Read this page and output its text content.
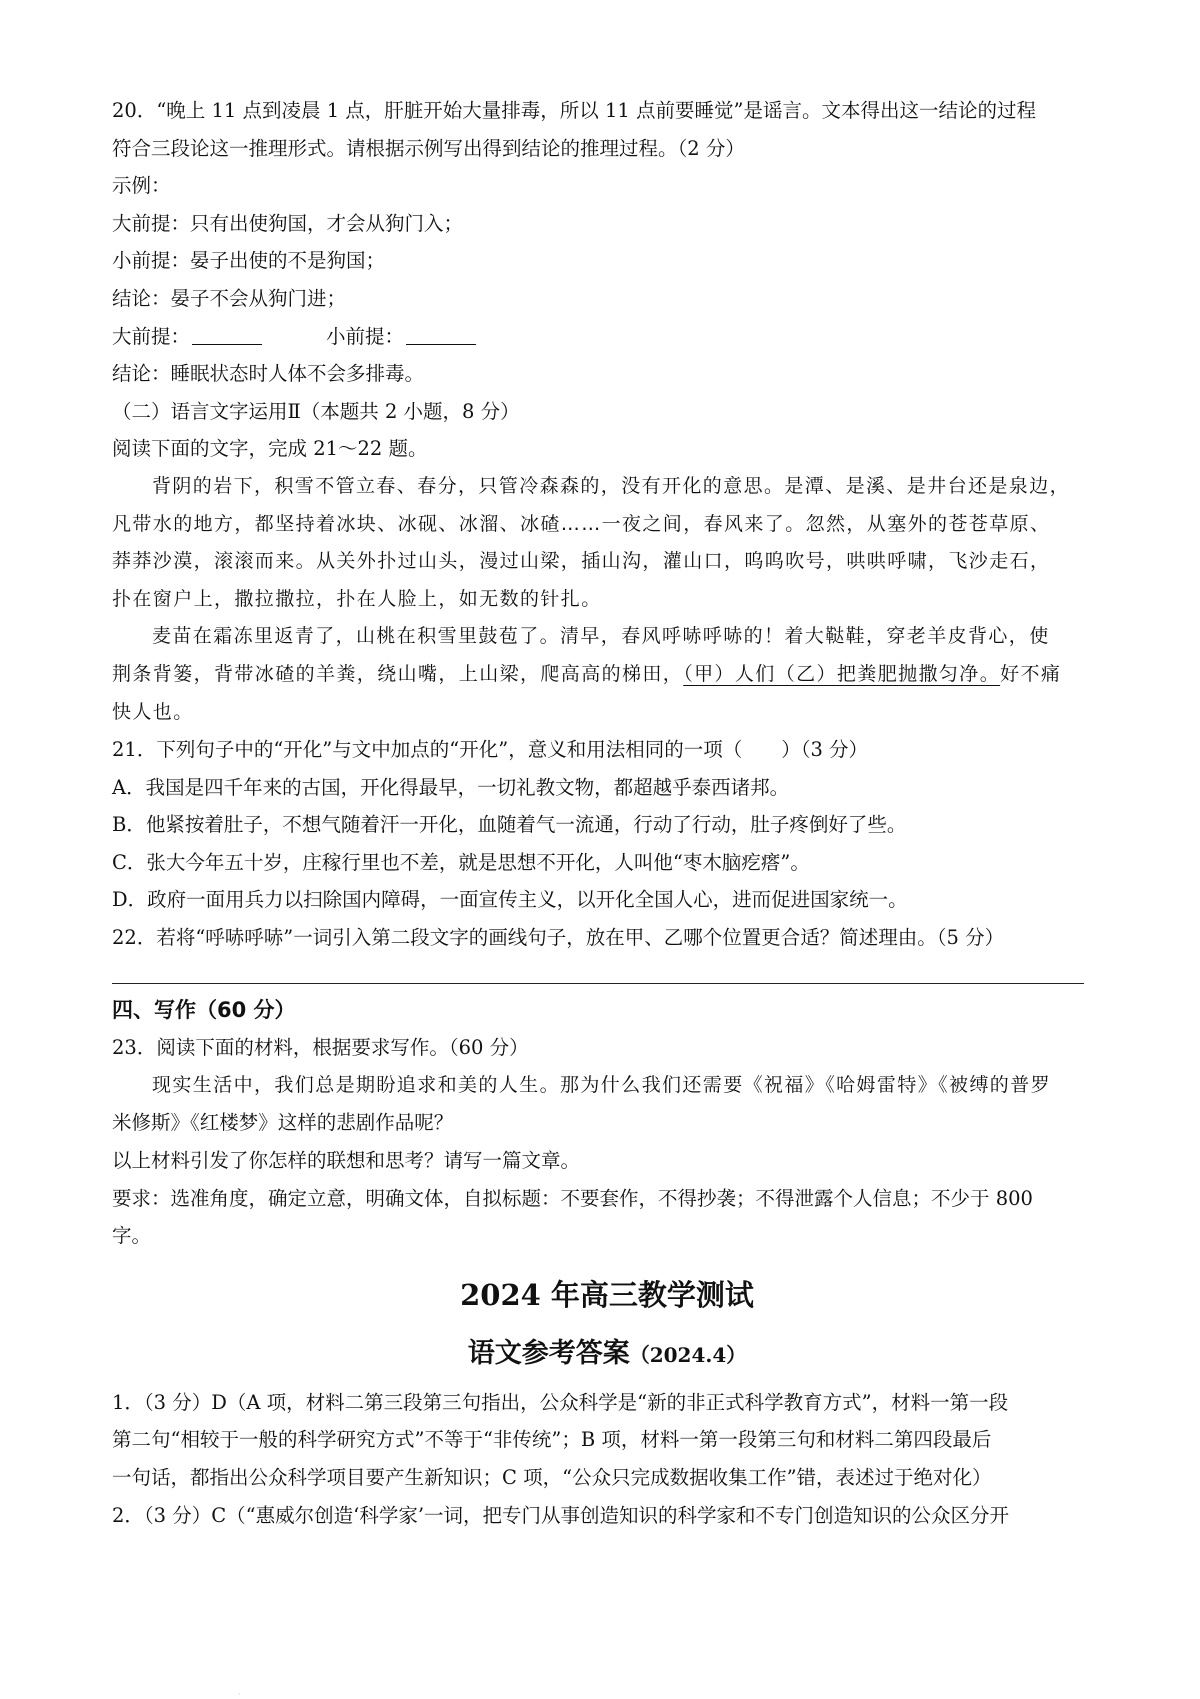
20．“晚上 11 点到凌晨 1 点，肝脏开始大量排毒，所以 11 点前要睡觉”是谣言。文本得出这一结论的过程
符合三段论这一推理形式。请根据示例写出得到结论的推理过程。（2 分）
示例：
大前提：只有出使狗国，才会从狗门入；
小前提：晏子出使的不是狗国；
结论：晏子不会从狗门进；
大前提：	小前提：
结论：睡眠状态时人体不会多排毒。
（二）语言文字运用Ⅱ（本题共 2 小题，8 分）
阅读下面的文字，完成 21～22 题。
背阴的岩下，积雪不管立春、春分，只管冷森森的，没有开化的意思。是潭、是溪、是井台还是泉边，
凡带水的地方，都坚持着冰块、冰砚、冰溜、冰碴……一夜之间，春风来了。忽然，从塞外的苍苍草原、
莽莽沙漠，滚滚而来。从关外扑过山头，漫过山梁，插山沟，灌山口，呜呜吹号，哄哄呼啸，飞沙走石，
扑在窗户上，撒拉撒拉，扑在人脸上，如无数的针扎。
麦苗在霜冻里返青了，山桃在积雪里鼓苞了。清早，春风呼哧呼哧的！着大鞑鞋，穿老羊皮背心，使
荆条背篓，背带冰碴的羊粪，绕山嘴，上山梁，爬高高的梯田，（甲）人们（乙）把粪肥抛撒匀净。好不痛
快人也。
21．下列句子中的“开化”与文中加点的“开化”，意义和用法相同的一项（　　）（3 分）
A．我国是四千年来的古国，开化得最早，一切礼教文物，都超越乎泰西诸邦。
B．他紧按着肚子，不想气随着汗一开化，血随着气一流通，行动了行动，肚子疼倒好了些。
C．张大今年五十岁，庄稼行里也不差，就是思想不开化，人叫他“枣木脑疙瘩”。
D．政府一面用兵力以扫除国内障碍，一面宣传主义，以开化全国人心，进而促进国家统一。
22．若将“呼哧呼哧”一词引入第二段文字的画线句子，放在甲、乙哪个位置更合适？简述理由。（5 分）
四、写作（60 分）
23．阅读下面的材料，根据要求写作。（60 分）
现实生活中，我们总是期盼追求和美的人生。那为什么我们还需要《祝福》《哈姆雷特》《被缚的普罗
米修斯》《红楼梦》这样的悲剧作品呢？
以上材料引发了你怎样的联想和思考？请写一篇文章。
要求：选准角度，确定立意，明确文体，自拟标题：不要套作，不得抄袭；不得泄露个人信息；不少于 800
字。
2024 年高三教学测试
语文参考答案（2024.4）
1．（3 分）D（A 项，材料二第三段第三句指出，公众科学是“新的非正式科学教育方式”，材料一第一段
第二句“相较于一般的科学研究方式”不等于“非传统”；B 项，材料一第一段第三句和材料二第四段最后
一句话，都指出公众科学项目要产生新知识；C 项，“公众只完成数据收集工作”错，表述过于绝对化）
2．（3 分）C（“惠威尔创造‘科学家’一词，把专门从事创造知识的科学家和不专门创造知识的公众区分开
·
